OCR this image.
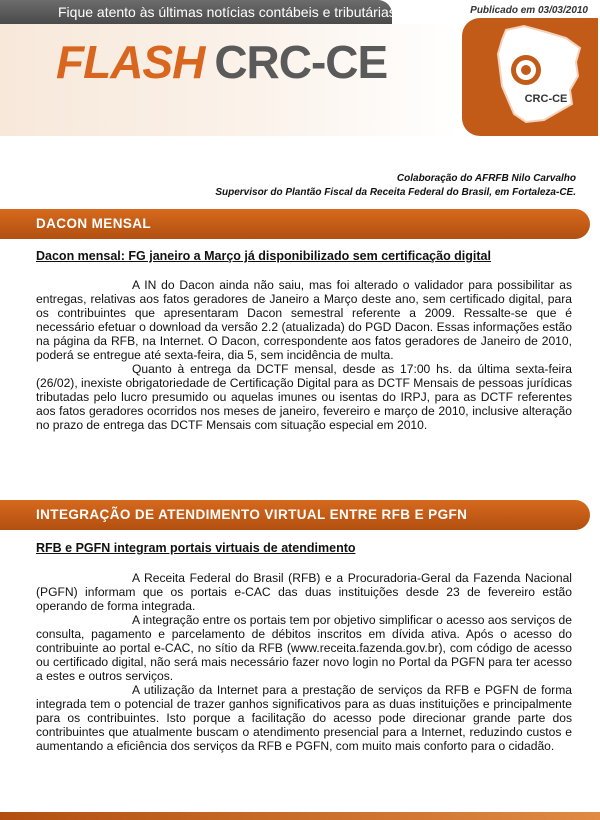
Fique atento às últimas notícias contábeis e tributárias	Publicado em 03/03/2010
FLASH CRC-CE
CRC-CE
Colaboração do AFRFB Nilo Carvalho
Supervisor do Plantão Fiscal da Receita Federal do Brasil, em Fortaleza-CE.
DACON MENSAL
Dacon mensal: FG janeiro a Março já disponibilizado sem certificação digital

A IN do Dacon ainda não saiu, mas foi alterado o validador para possibilitar as entregas, relativas aos fatos geradores de Janeiro a Março deste ano, sem certificado digital, para os contribuintes que apresentaram Dacon semestral referente a 2009. Ressalte-se que é necessário efetuar o download da versão 2.2 (atualizada) do PGD Dacon. Essas informações estão na página da RFB, na Internet. O Dacon, correspondente aos fatos geradores de Janeiro de 2010, poderá se entregue até sexta-feira, dia 5, sem incidência de multa.

Quanto à entrega da DCTF mensal, desde as 17:00 hs. da última sexta-feira (26/02), inexiste obrigatoriedade de Certificação Digital para as DCTF Mensais de pessoas jurídicas tributadas pelo lucro presumido ou aquelas imunes ou isentas do IRPJ, para as DCTF referentes aos fatos geradores ocorridos nos meses de janeiro, fevereiro e março de 2010, inclusive alteração no prazo de entrega das DCTF Mensais com situação especial em 2010.

INTEGRAÇÃO DE ATENDIMENTO VIRTUAL ENTRE RFB E PGFN
RFB e PGFN integram portais virtuais de atendimento

A Receita Federal do Brasil (RFB) e a Procuradoria-Geral da Fazenda Nacional (PGFN) informam que os portais e-CAC das duas instituições desde 23 de fevereiro estão operando de forma integrada.

A integração entre os portais tem por objetivo simplificar o acesso aos serviços de consulta, pagamento e parcelamento de débitos inscritos em dívida ativa. Após o acesso do contribuinte ao portal e-CAC, no sítio da RFB (www.receita.fazenda.gov.br), com código de acesso ou certificado digital, não será mais necessário fazer novo login no Portal da PGFN para ter acesso a estes e outros serviços.

A utilização da Internet para a prestação de serviços da RFB e PGFN de forma integrada tem o potencial de trazer ganhos significativos para as duas instituições e principalmente para os contribuintes. Isto porque a facilitação do acesso pode direcionar grande parte dos contribuintes que atualmente buscam o atendimento presencial para a Internet, reduzindo custos e aumentando a eficiência dos serviços da RFB e PGFN, com muito mais conforto para o cidadão.
